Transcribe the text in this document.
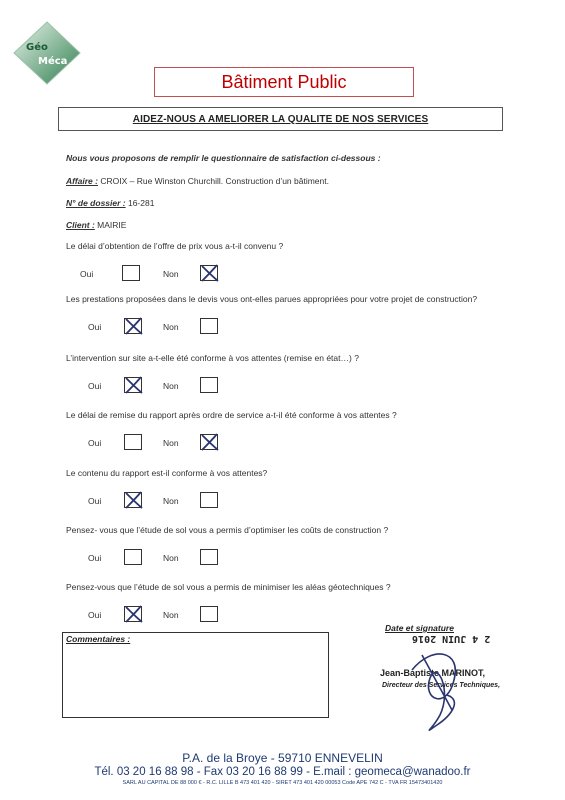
Géo
Méca
Bâtiment Public
AIDEZ-NOUS A AMELIORER LA QUALITE DE NOS SERVICES
Nous vous proposons de remplir le questionnaire de satisfaction ci-dessous :
Affaire : CROIX – Rue Winston Churchill. Construction d’un bâtiment.
N° de dossier : 16-281
Client : MAIRIE
Le délai d’obtention de l’offre de prix vous a-t-il convenu ?
Oui	Non
Les prestations proposées dans le devis vous ont-elles parues appropriées pour votre projet de construction?
Oui	Non
L’intervention sur site a-t-elle été conforme à vos attentes (remise en état…) ?
Oui	Non
Le délai de remise du rapport après ordre de service a-t-il été conforme à vos attentes ?
Oui	Non
Le contenu du rapport est-il conforme à vos attentes?
Oui	Non
Pensez- vous que l’étude de sol vous a permis d’optimiser les coûts de construction ?
Oui	Non
Pensez-vous que l’étude de sol vous a permis de minimiser les aléas géotechniques ?
Oui	Non
Commentaires :
Date et signature
2 4 JUIN 2016
Jean-Baptiste MARINOT,
Directeur des Services Techniques,
P.A. de la Broye - 59710 ENNEVELIN
Tél. 03 20 16 88 98 - Fax 03 20 16 88 99 - E.mail : geomeca@wanadoo.fr
SARL AU CAPITAL DE 88 000 € - R.C. LILLE B 473 401 420 - SIRET 473 401 420 00053 Code APE 742 C - TVA FR 15473401420
